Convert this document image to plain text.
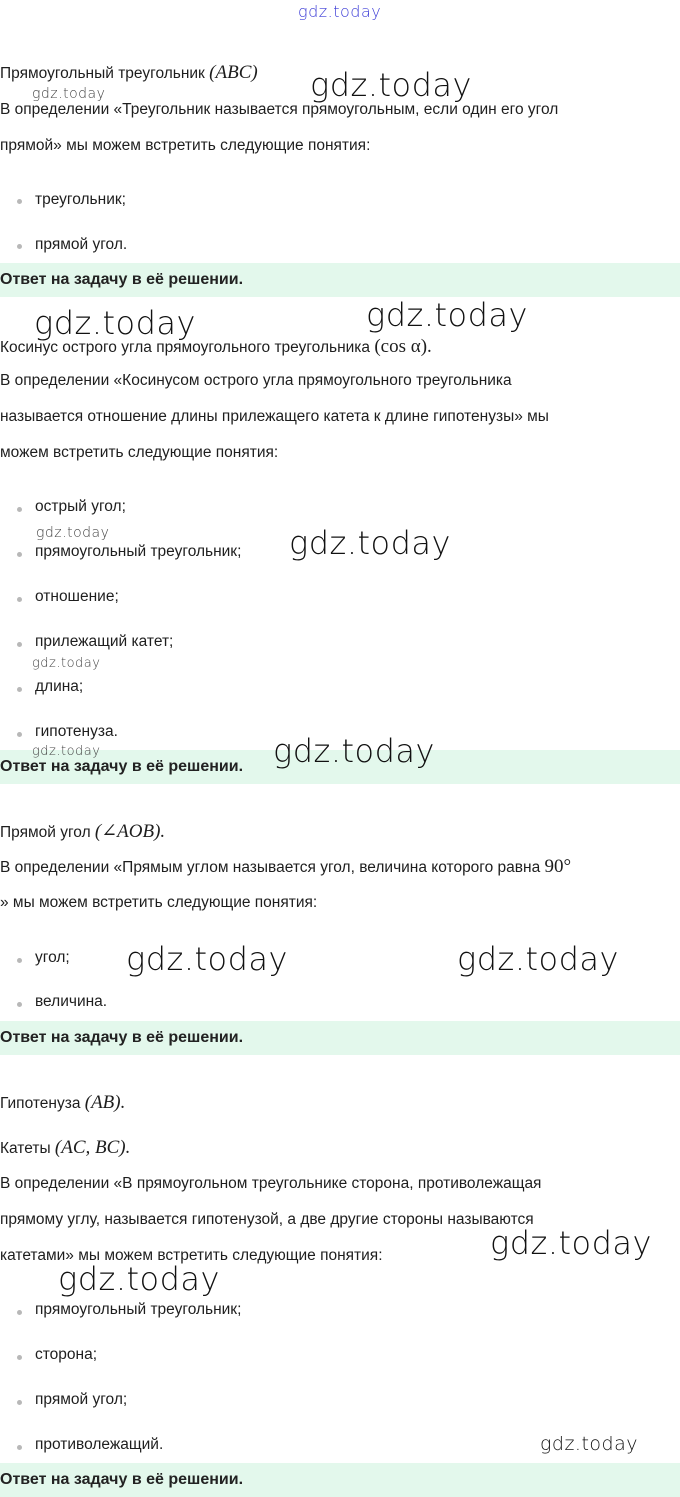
gdz.today
Прямоугольный треугольник (ABC)
В определении «Треугольник называется прямоугольным, если один его угол
прямой» мы можем встретить следующие понятия:
треугольник;
прямой угол.
Ответ на задачу в её решении.
Косинус острого угла прямоугольного треугольника (cos α).
В определении «Косинусом острого угла прямоугольного треугольника
называется отношение длины прилежащего катета к длине гипотенузы» мы
можем встретить следующие понятия:
острый угол;
прямоугольный треугольник;
отношение;
прилежащий катет;
длина;
гипотенуза.
Ответ на задачу в её решении.
Прямой угол (∠AOB).
В определении «Прямым углом называется угол, величина которого равна 90°
» мы можем встретить следующие понятия:
угол;
величина.
Ответ на задачу в её решении.
Гипотенуза (AB).
Катеты (AC, BC).
В определении «В прямоугольном треугольнике сторона, противолежащая
прямому углу, называется гипотенузой, а две другие стороны называются
катетами» мы можем встретить следующие понятия:
прямоугольный треугольник;
сторона;
прямой угол;
противолежащий.
Ответ на задачу в её решении.
gdz.today
gdz.today
gdz.today	gdz.today
gdz.today	gdz.today
gdz.today
gdz.today	gdz.today
gdz.today	gdz.today
gdz.today
gdz.today
gdz.today
